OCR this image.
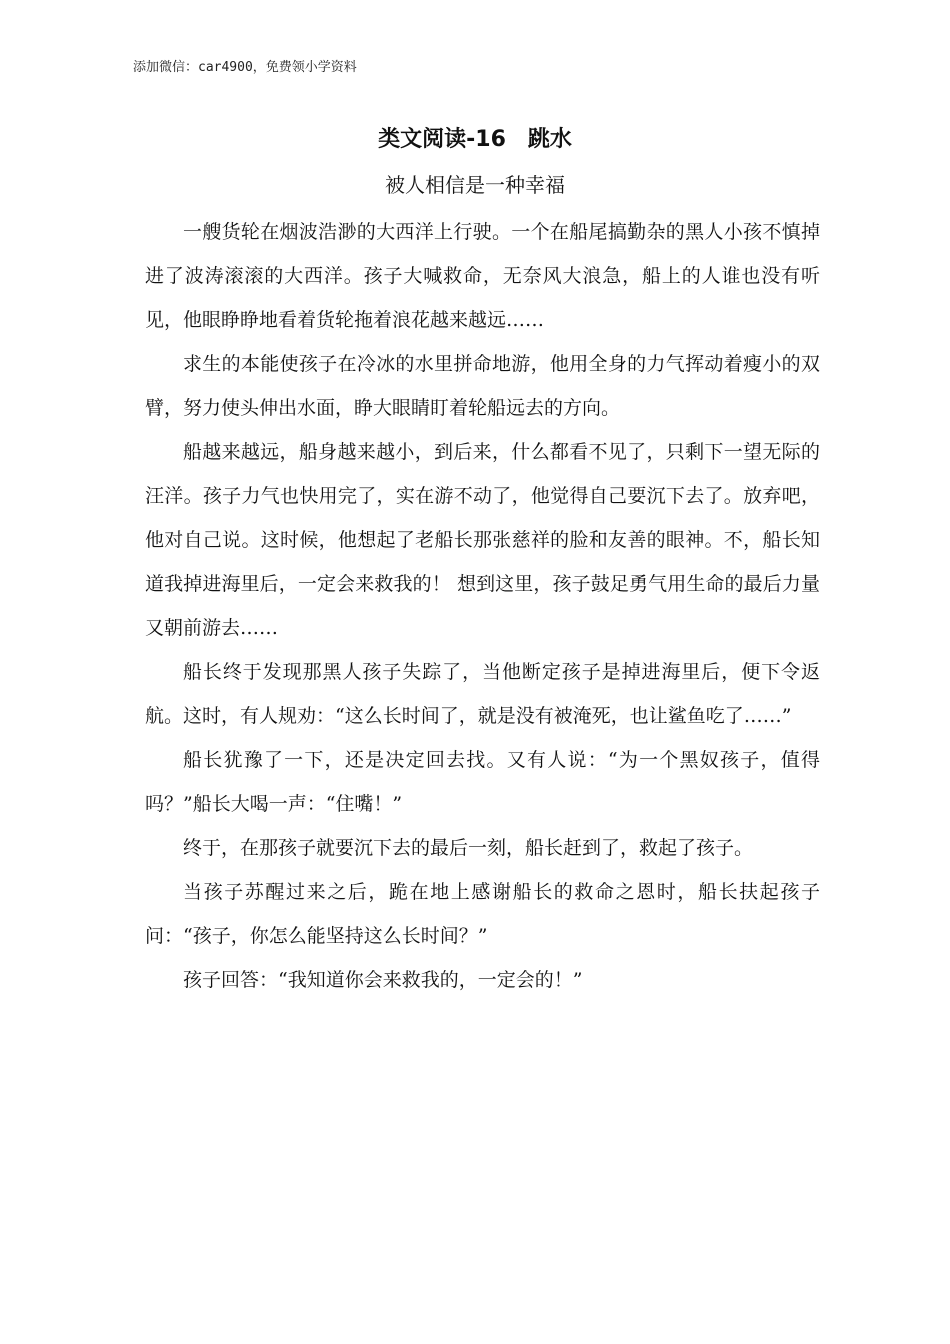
添加微信：car4900，免费领小学资料
类文阅读-16　跳水
被人相信是一种幸福

一艘货轮在烟波浩渺的大西洋上行驶。一个在船尾搞勤杂的黑人小孩不慎掉进了波涛滚滚的大西洋。孩子大喊救命，无奈风大浪急，船上的人谁也没有听见，他眼睁睁地看着货轮拖着浪花越来越远……

求生的本能使孩子在冷冰的水里拼命地游，他用全身的力气挥动着瘦小的双臂，努力使头伸出水面，睁大眼睛盯着轮船远去的方向。

船越来越远，船身越来越小，到后来，什么都看不见了，只剩下一望无际的汪洋。孩子力气也快用完了，实在游不动了，他觉得自己要沉下去了。放弃吧，他对自己说。这时候，他想起了老船长那张慈祥的脸和友善的眼神。不，船长知道我掉进海里后，一定会来救我的！ 想到这里，孩子鼓足勇气用生命的最后力量又朝前游去……

船长终于发现那黑人孩子失踪了，当他断定孩子是掉进海里后，便下令返航。这时，有人规劝：“这么长时间了，就是没有被淹死，也让鲨鱼吃了……”

船长犹豫了一下，还是决定回去找。又有人说：“为一个黑奴孩子，值得吗？”船长大喝一声：“住嘴！”

终于，在那孩子就要沉下去的最后一刻，船长赶到了，救起了孩子。

当孩子苏醒过来之后，跪在地上感谢船长的救命之恩时，船长扶起孩子问：“孩子，你怎么能坚持这么长时间？”

孩子回答：“我知道你会来救我的，一定会的！”
